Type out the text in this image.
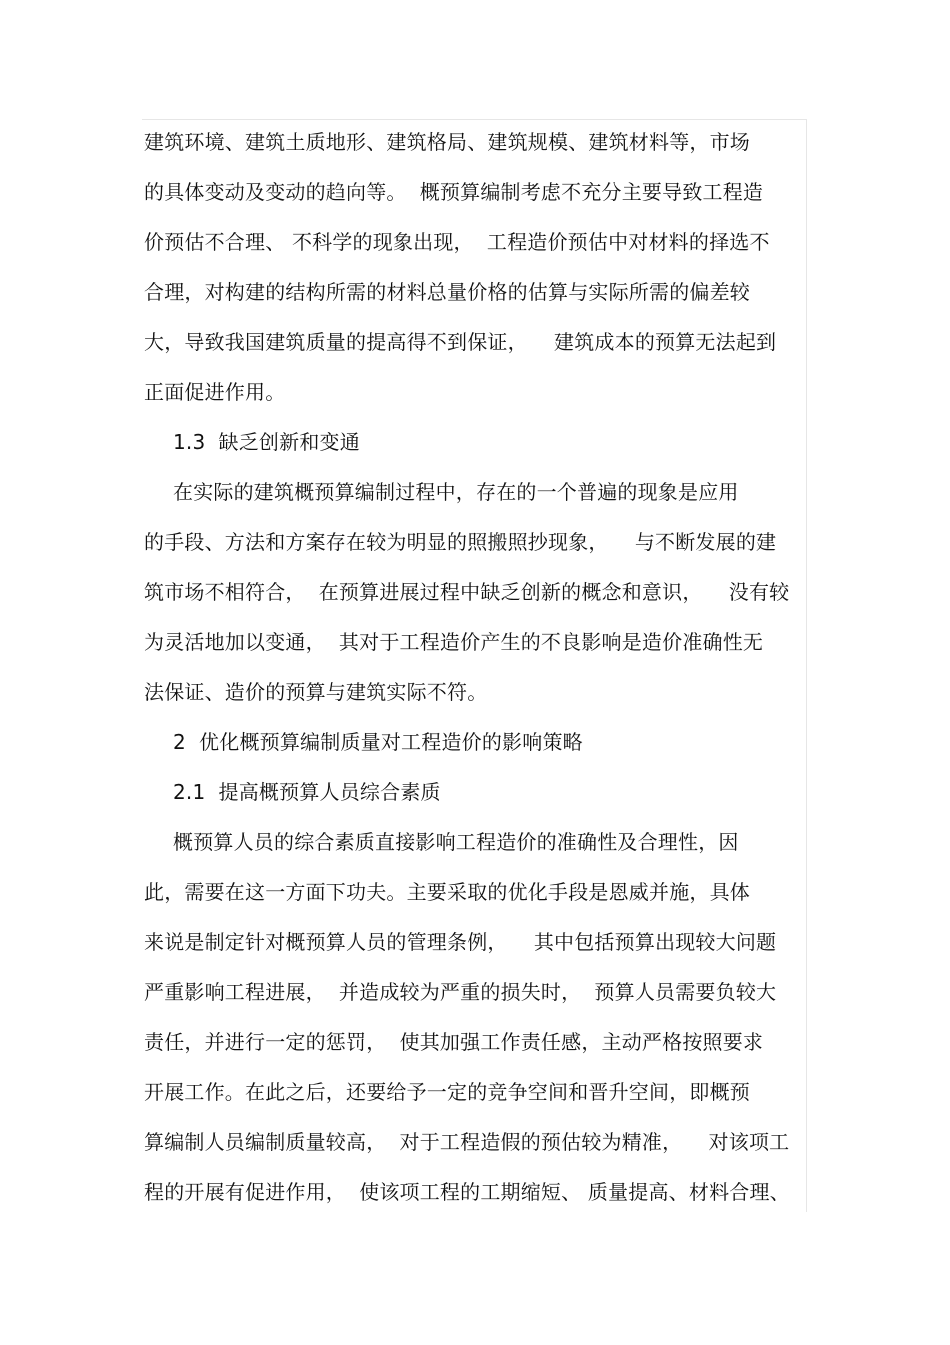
建筑环境、建筑土质地形、建筑格局、建筑规模、建筑材料等，市场
的具体变动及变动的趋向等。  概预算编制考虑不充分主要导致工程造
价预估不合理、 不科学的现象出现，  工程造价预估中对材料的择选不
合理，对构建的结构所需的材料总量价格的估算与实际所需的偏差较
大，导致我国建筑质量的提高得不到保证，    建筑成本的预算无法起到
正面促进作用。
1.3  缺乏创新和变通
在实际的建筑概预算编制过程中，存在的一个普遍的现象是应用
的手段、方法和方案存在较为明显的照搬照抄现象，    与不断发展的建
筑市场不相符合，  在预算进展过程中缺乏创新的概念和意识，    没有较
为灵活地加以变通，  其对于工程造价产生的不良影响是造价准确性无
法保证、造价的预算与建筑实际不符。
2  优化概预算编制质量对工程造价的影响策略
2.1  提高概预算人员综合素质
概预算人员的综合素质直接影响工程造价的准确性及合理性，因
此，需要在这一方面下功夫。主要采取的优化手段是恩威并施，具体
来说是制定针对概预算人员的管理条例，    其中包括预算出现较大问题
严重影响工程进展，  并造成较为严重的损失时，  预算人员需要负较大
责任，并进行一定的惩罚，  使其加强工作责任感，主动严格按照要求
开展工作。在此之后，还要给予一定的竞争空间和晋升空间，即概预
算编制人员编制质量较高，  对于工程造假的预估较为精准，    对该项工
程的开展有促进作用，  使该项工程的工期缩短、 质量提高、材料合理、
